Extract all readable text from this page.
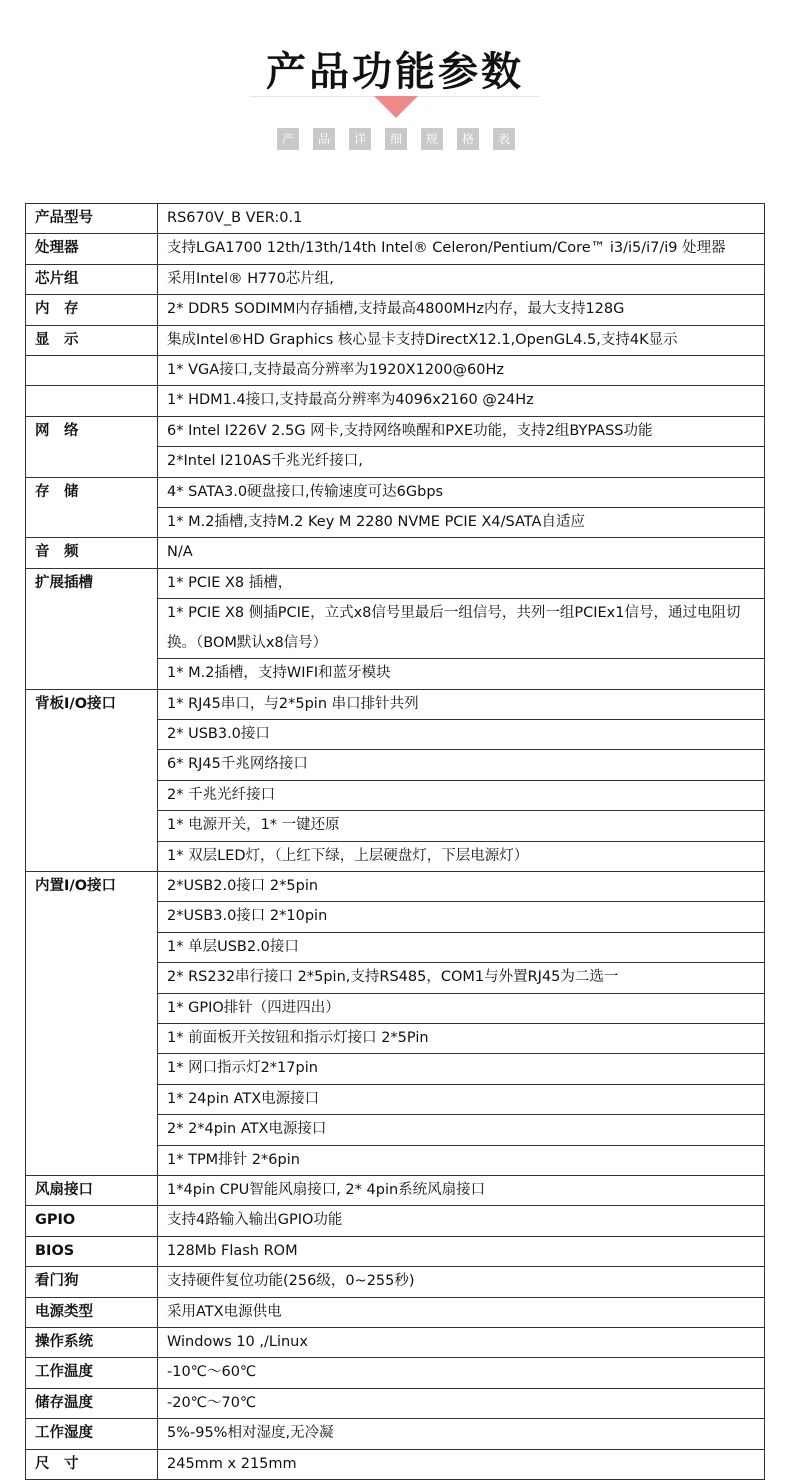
产品功能参数
产	品	详	细	规	格	表
产品型号	RS670V_B VER:0.1
处理器	支持LGA1700 12th/13th/14th Intel® Celeron/Pentium/Core™ i3/i5/i7/i9 处理器
芯片组	采用Intel® H770芯片组,
内　存	2* DDR5 SODIMM内存插槽,支持最高4800MHz内存，最大支持128G
显　示	集成Intel®HD Graphics 核心显卡支持DirectX12.1,OpenGL4.5,支持4K显示
	1* VGA接口,支持最高分辨率为1920X1200@60Hz
	1* HDM1.4接口,支持最高分辨率为4096x2160 @24Hz
网　络	6* Intel I226V 2.5G 网卡,支持网络唤醒和PXE功能，支持2组BYPASS功能
	2*Intel I210AS千兆光纤接口,
存　储	4* SATA3.0硬盘接口,传输速度可达6Gbps
	1* M.2插槽,支持M.2 Key M 2280 NVME PCIE X4/SATA自适应
音　频	N/A
扩展插槽	1* PCIE X8 插槽，
	1* PCIE X8 侧插PCIE，立式x8信号里最后一组信号，共列一组PCIEx1信号，通过电阻切换。（BOM默认x8信号）
	1* M.2插槽，支持WIFI和蓝牙模块
背板I/O接口	1* RJ45串口，与2*5pin 串口排针共列
	2* USB3.0接口
	6* RJ45千兆网络接口
	2* 千兆光纤接口
	1* 电源开关，1* 一键还原
	1* 双层LED灯，（上红下绿，上层硬盘灯，下层电源灯）
内置I/O接口	2*USB2.0接口 2*5pin
	2*USB3.0接口 2*10pin
	1* 单层USB2.0接口
	2* RS232串行接口 2*5pin,支持RS485，COM1与外置RJ45为二选一
	1* GPIO排针（四进四出）
	1* 前面板开关按钮和指示灯接口 2*5Pin
	1* 网口指示灯2*17pin
	1* 24pin ATX电源接口
	2* 2*4pin ATX电源接口
	1* TPM排针 2*6pin
风扇接口	1*4pin CPU智能风扇接口, 2* 4pin系统风扇接口
GPIO	支持4路输入输出GPIO功能
BIOS	128Mb Flash ROM
看门狗	支持硬件复位功能(256级，0~255秒)
电源类型	采用ATX电源供电
操作系统	Windows 10 ,/Linux
工作温度	-10℃～60℃
储存温度	-20℃～70℃
工作湿度	5%-95%相对湿度,无冷凝
尺　寸	245mm x 215mm
